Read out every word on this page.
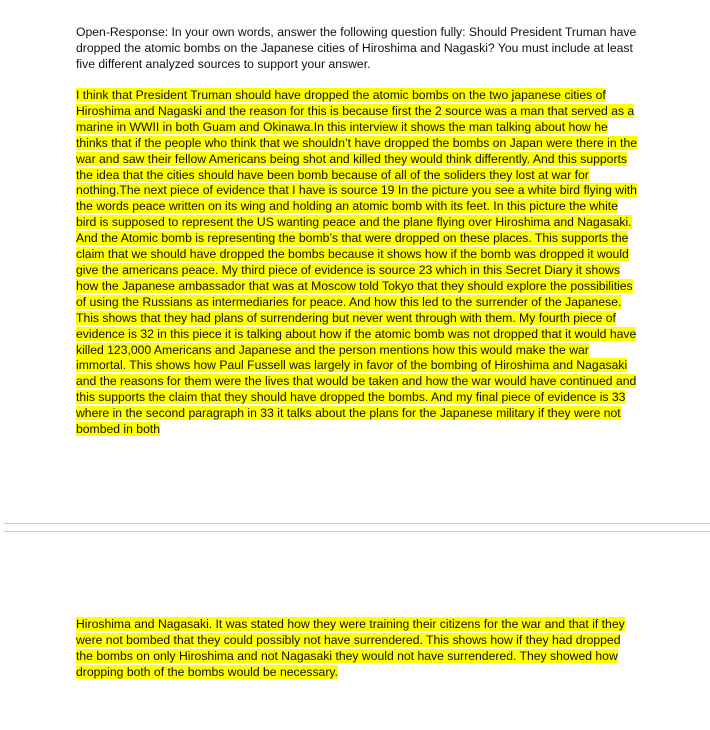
Open-Response: In your own words, answer the following question fully: Should President Truman have dropped the atomic bombs on the Japanese cities of Hiroshima and Nagaski? You must include at least five different analyzed sources to support your answer.

I think that President Truman should have dropped the atomic bombs on the two japanese cities of Hiroshima and Nagaski and the reason for this is because first the 2 source was a man that served as a marine in WWII in both Guam and Okinawa.In this interview it shows the man talking about how he thinks that if the people who think that we shouldn’t have dropped the bombs on Japan were there in the war and saw their fellow Americans being shot and killed they would think differently. And this supports the idea that the cities should have been bomb because of all of the soliders they lost at war for nothing.The next piece of evidence that I have is source 19 In the picture you see a white bird flying with the words peace written on its wing and holding an atomic bomb with its feet. In this picture the white bird is supposed to represent the US wanting peace and the plane flying over Hiroshima and Nagasaki. And the Atomic bomb is representing the bomb’s that were dropped on these places. This supports the claim that we should have dropped the bombs because it shows how if the bomb was dropped it would give the americans peace. My third piece of evidence is source 23 which in this Secret Diary it shows how the Japanese ambassador that was at Moscow told Tokyo that they should explore the possibilities of using the Russians as intermediaries for peace. And how this led to the surrender of the Japanese. This shows that they had plans of surrendering but never went through with them. My fourth piece of evidence is 32 in this piece it is talking about how if the atomic bomb was not dropped that it would have killed 123,000 Americans and Japanese and the person mentions how this would make the war immortal. This shows how Paul Fussell was largely in favor of the bombing of Hiroshima and Nagasaki and the reasons for them were the lives that would be taken and how the war would have continued and this supports the claim that they should have dropped the bombs. And my final piece of evidence is 33 where in the second paragraph in 33 it talks about the plans for the Japanese military if they were not bombed in both

Hiroshima and Nagasaki. It was stated how they were training their citizens for the war and that if they were not bombed that they could possibly not have surrendered. This shows how if they had dropped the bombs on only Hiroshima and not Nagasaki they would not have surrendered. They showed how dropping both of the bombs would be necessary.
